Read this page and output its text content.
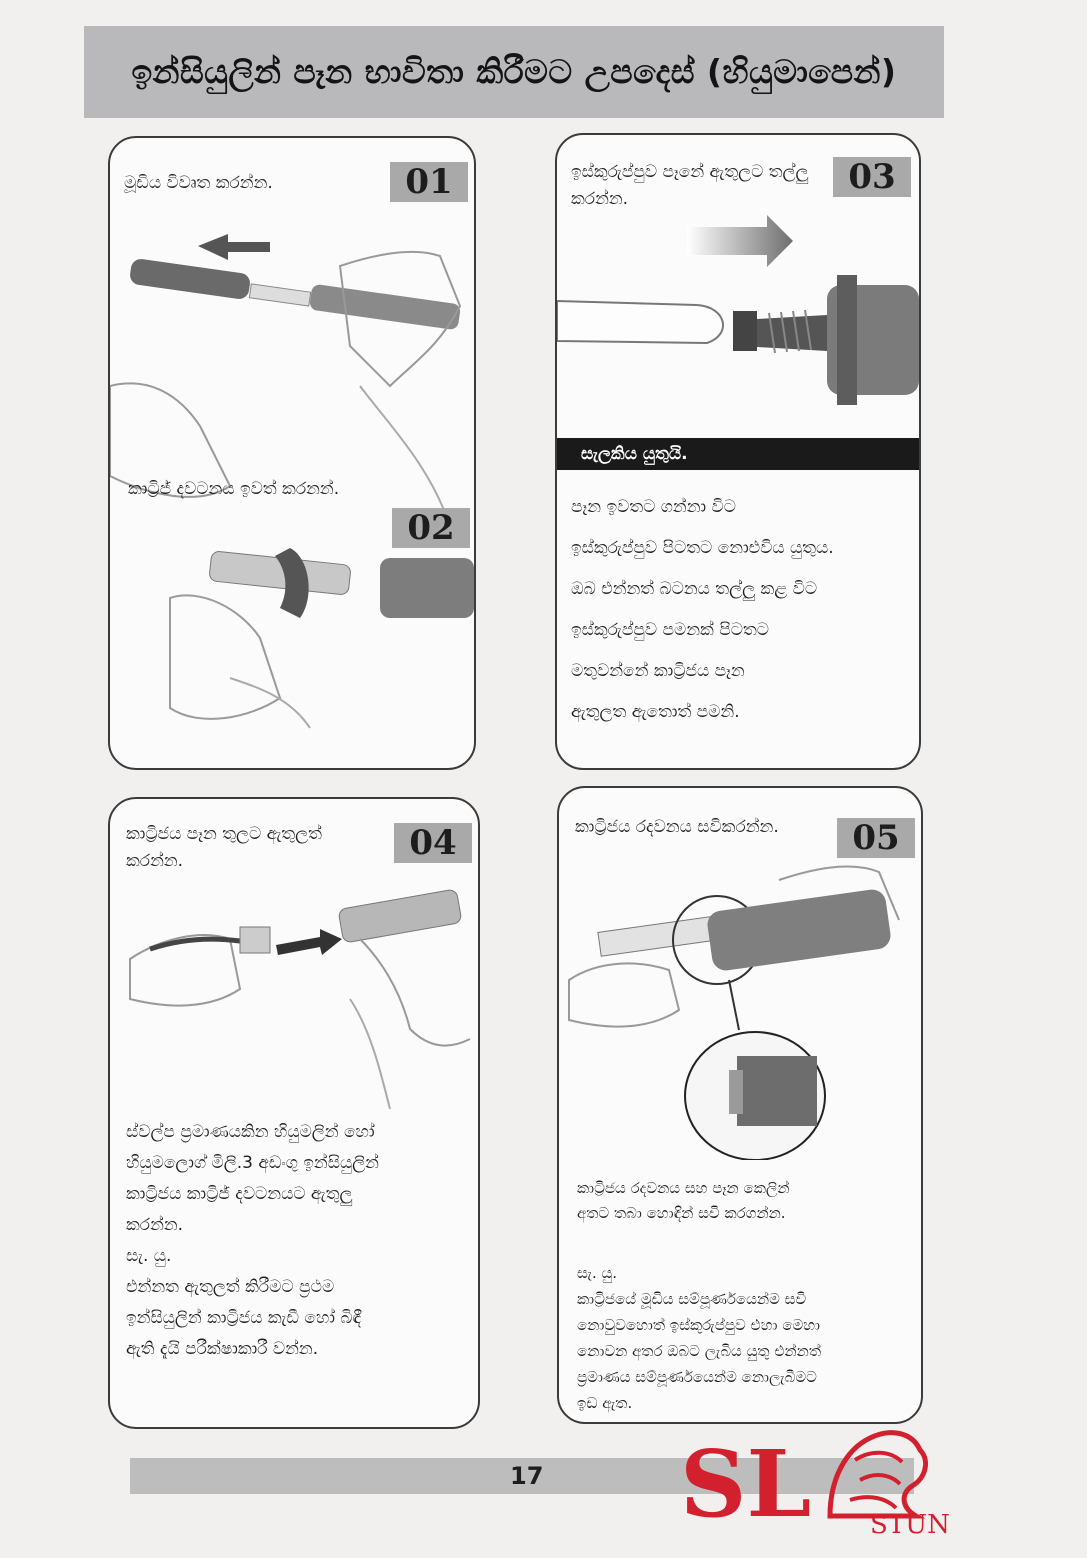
ඉන්සියුලින් පෑන භාවිතා කිරීමට උපදෙස් (හියුමාපෙන්)
මූඩිය විවෘත කරන්න.	01
කාට්‍රිජ් දවටනය ඉවත් කරනන්.
02
ඉස්කුරුප්පුව පෑනේ ඇතුලට තල්ලු කරන්න.
03
සැලකිය යුතුයි.
පෑන ඉවතට ගන්නා විට
ඉස්කුරුප්පුව පිටතට නොඑවිය යුතුය.
ඔබ එන්නත් බටනය තල්ලු කළ විට
ඉස්කුරුප්පුව පමනක් පිටතට
මතුවන්නේ කාට්‍රිජය පෑන
ඇතුලත ඇතොත් පමනි.
කාට්‍රිජය පෑන තුලට ඇතුලත් කරන්න.	04
ස්වල්ප ප්‍රමාණයකින හියුමලින් හෝ
හියුමලොග් මිලි.3 අඩංගු ඉන්සියුලින්
කාට්‍රිජය කාට්‍රිජ් දවටනයට ඇතුලු
කරන්න.
සැ. යු.
එන්නත ඇතුලත් කිරීමට ප්‍රථම
ඉන්සියුලින් කාට්‍රිජය කැඩී හෝ බිඳී
ඇති දැයි පරීක්ෂාකාරී වන්න.
කාට්‍රිජය රදවනය සවිකරන්න.	05
කාට්‍රිජය රදවනය සහ පෑන කෙලින්
අතට තබා හොඳින් සවි කරගන්න.
සැ. යු.
කාට්‍රිජයේ මූඩිය සම්පූර්ණයෙන්ම සවි
නොවුවහොත් ඉස්කුරුප්පුව එහා මෙහා
නොවන අතර ඔබට ලැබිය යුතු එන්නත්
ප්‍රමාණය සම්පූර්ණයෙන්ම නොලැබීමට
ඉඩ ඇත.
17 SL STUN
